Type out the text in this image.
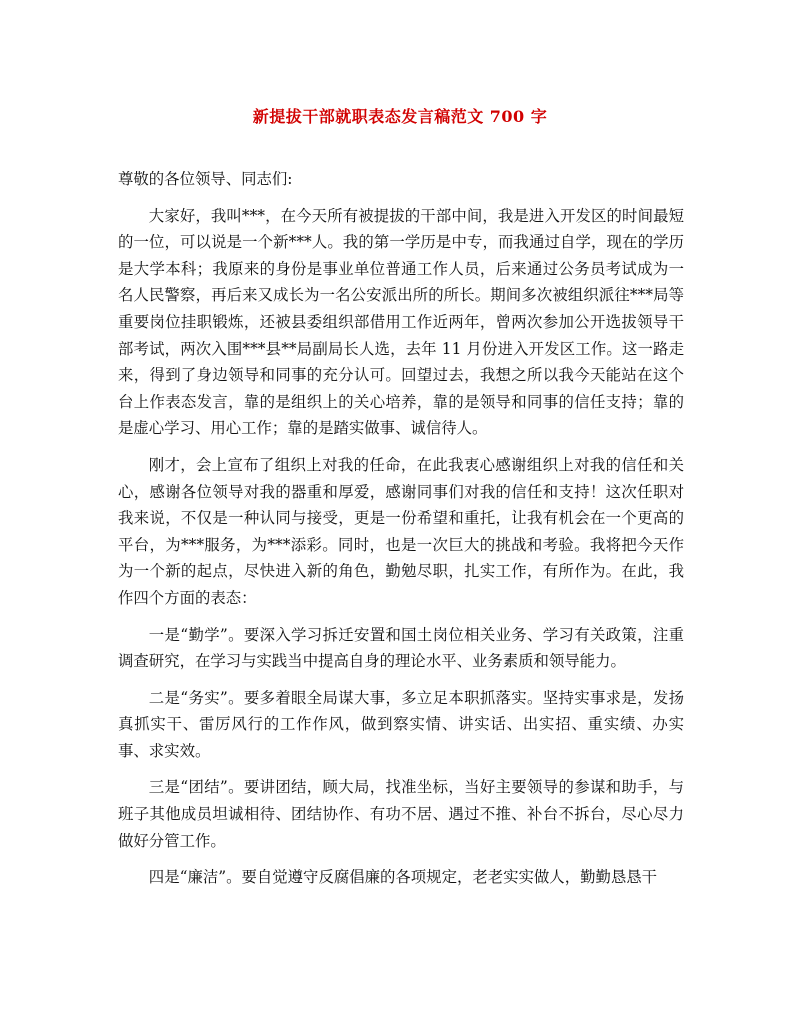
新提拔干部就职表态发言稿范文 700 字

尊敬的各位领导、同志们:

大家好，我叫***，在今天所有被提拔的干部中间，我是进入开发区的时间最短的一位，可以说是一个新***人。我的第一学历是中专，而我通过自学，现在的学历是大学本科；我原来的身份是事业单位普通工作人员，后来通过公务员考试成为一名人民警察，再后来又成长为一名公安派出所的所长。期间多次被组织派往***局等重要岗位挂职锻炼，还被县委组织部借用工作近两年，曾两次参加公开选拔领导干部考试，两次入围***县**局副局长人选，去年 11 月份进入开发区工作。这一路走来，得到了身边领导和同事的充分认可。回望过去，我想之所以我今天能站在这个台上作表态发言，靠的是组织上的关心培养，靠的是领导和同事的信任支持；靠的是虚心学习、用心工作；靠的是踏实做事、诚信待人。

刚才，会上宣布了组织上对我的任命，在此我衷心感谢组织上对我的信任和关心，感谢各位领导对我的器重和厚爱，感谢同事们对我的信任和支持！这次任职对我来说，不仅是一种认同与接受，更是一份希望和重托，让我有机会在一个更高的平台，为***服务，为***添彩。同时，也是一次巨大的挑战和考验。我将把今天作为一个新的起点，尽快进入新的角色，勤勉尽职，扎实工作，有所作为。在此，我作四个方面的表态：

一是“勤学”。要深入学习拆迁安置和国土岗位相关业务、学习有关政策，注重调查研究，在学习与实践当中提高自身的理论水平、业务素质和领导能力。

二是“务实”。要多着眼全局谋大事，多立足本职抓落实。坚持实事求是，发扬真抓实干、雷厉风行的工作作风，做到察实情、讲实话、出实招、重实绩、办实事、求实效。

三是“团结”。要讲团结，顾大局，找准坐标，当好主要领导的参谋和助手，与班子其他成员坦诚相待、团结协作、有功不居、遇过不推、补台不拆台，尽心尽力做好分管工作。

四是“廉洁”。要自觉遵守反腐倡廉的各项规定，老老实实做人，勤勤恳恳干
